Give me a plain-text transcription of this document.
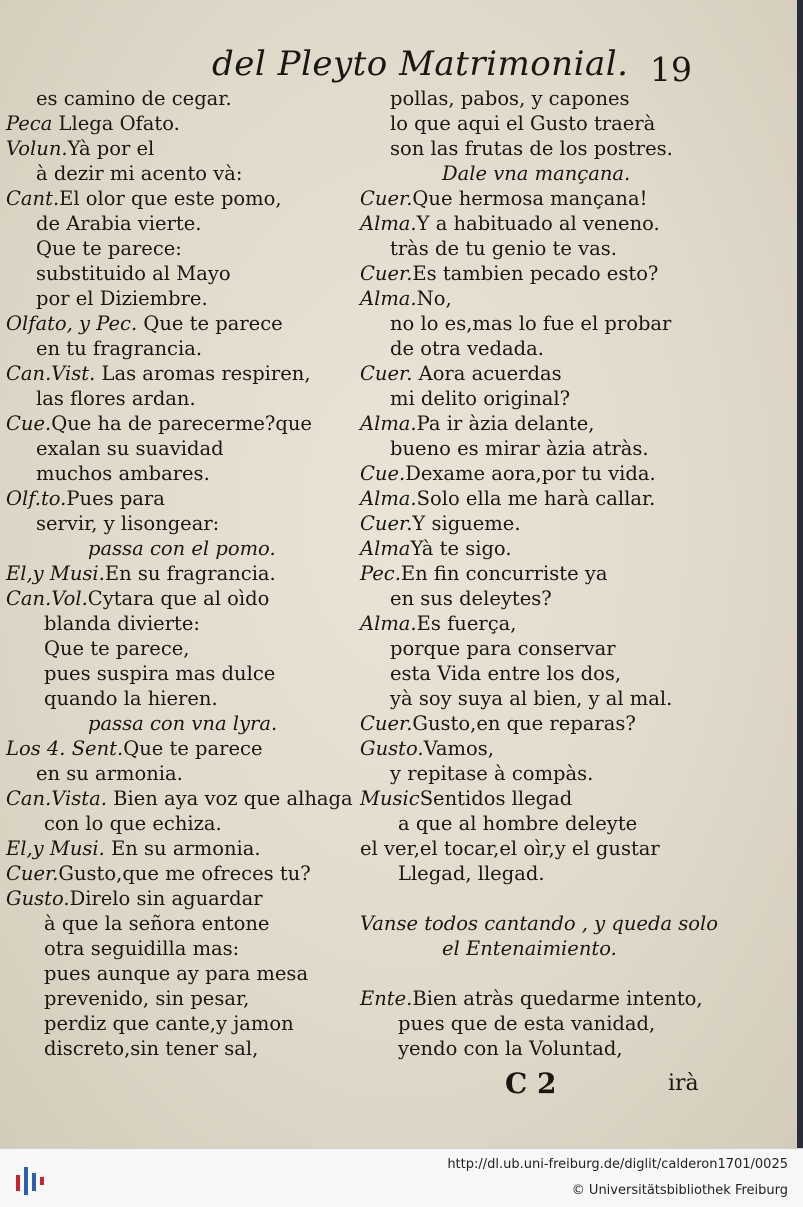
del Pleyto Matrimonial. 19
es camino de cegar.
Peca Llega Ofato.
Volun.Yà por el
à dezir mi acento và:
Cant.El olor que este pomo,
de Arabia vierte.
Que te parece:
substituido al Mayo
por el Diziembre.
Olfato, y Pec. Que te parece
en tu fragrancia.
Can.Vist. Las aromas respiren,
las flores ardan.
Cue.Que ha de parecerme?que
exalan su suavidad
muchos ambares.
Olf.to.Pues para
servir, y lisongear:
passa con el pomo.
El,y Musi.En su fragrancia.
Can.Vol.Cytara que al oìdo
blanda divierte:
Que te parece,
pues suspira mas dulce
quando la hieren.
passa con vna lyra.
Los 4. Sent.Que te parece
en su armonia.
Can.Vista. Bien aya voz que alhaga
con lo que echiza.
El,y Musi. En su armonia.
Cuer.Gusto,que me ofreces tu?
Gusto.Direlo sin aguardar
à que la señora entone
otra seguidilla mas:
pues aunque ay para mesa
prevenido, sin pesar,
perdiz que cante,y jamon
discreto,sin tener sal,
pollas, pabos, y capones
lo que aqui el Gusto traerà
son las frutas de los postres.
Dale vna mançana.
Cuer.Que hermosa mançana!
Alma.Y a habituado al veneno.
tràs de tu genio te vas.
Cuer.Es tambien pecado esto?
Alma.No,
no lo es,mas lo fue el probar
de otra vedada.
Cuer. Aora acuerdas
mi delito original?
Alma.Pa ir àzia delante,
bueno es mirar àzia atràs.
Cue.Dexame aora,por tu vida.
Alma.Solo ella me harà callar.
Cuer.Y sigueme.
AlmaYà te sigo.
Pec.En fin concurriste ya
en sus deleytes?
Alma.Es fuerça,
porque para conservar
esta Vida entre los dos,
yà soy suya al bien, y al mal.
Cuer.Gusto,en que reparas?
Gusto.Vamos,
y repitase à compàs.
MusicSentidos llegad
a que al hombre deleyte
el ver,el tocar,el oìr,y el gustar
Llegad, llegad.
Vanse todos cantando , y queda solo
el Entenaimiento.
Ente.Bien atràs quedarme intento,
pues que de esta vanidad,
yendo con la Voluntad,
C 2	irà
http://dl.ub.uni-freiburg.de/diglit/calderon1701/0025
© Universitätsbibliothek Freiburg
